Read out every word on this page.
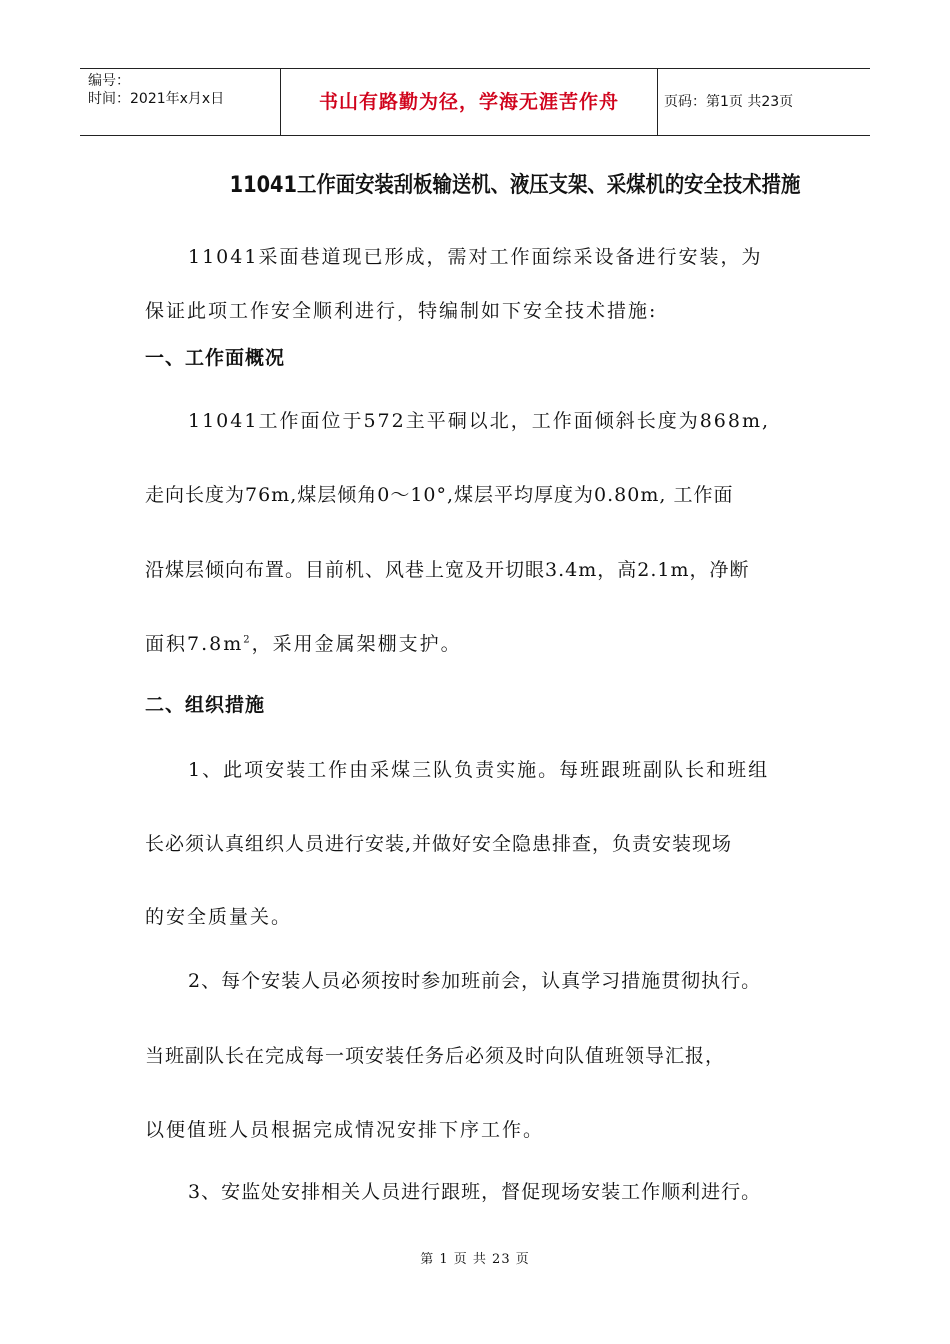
编号：
时间：2021年x月x日	书山有路勤为径，学海无涯苦作舟	页码：第1页 共23页
11041工作面安装刮板输送机、液压支架、采煤机的安全技术措施
11041采面巷道现已形成，需对工作面综采设备进行安装，为
保证此项工作安全顺利进行，特编制如下安全技术措施:
一、工作面概况
11041工作面位于572主平硐以北，工作面倾斜长度为868m,
走向长度为76m,煤层倾角0～10°,煤层平均厚度为0.80m, 工作面
沿煤层倾向布置。目前机、风巷上宽及开切眼3.4m，高2.1m，净断
面积$7.8m^2$，采用金属架棚支护。
二、组织措施
1、此项安装工作由采煤三队负责实施。每班跟班副队长和班组
长必须认真组织人员进行安装,并做好安全隐患排查，负责安装现场
的安全质量关。
2、每个安装人员必须按时参加班前会，认真学习措施贯彻执行。
当班副队长在完成每一项安装任务后必须及时向队值班领导汇报，
以便值班人员根据完成情况安排下序工作。
3、安监处安排相关人员进行跟班，督促现场安装工作顺利进行。
第 1 页 共 23 页
